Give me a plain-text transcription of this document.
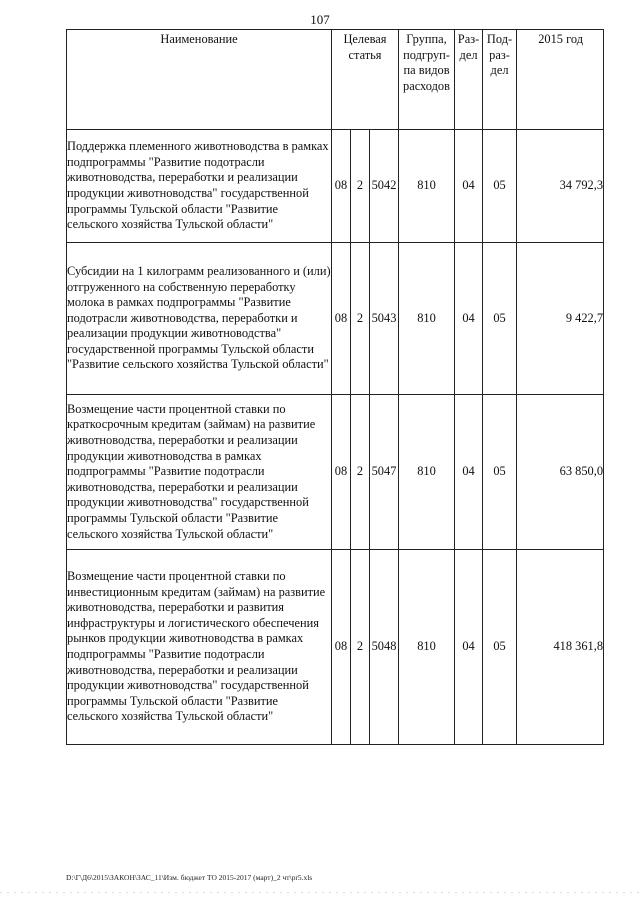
107
Наименование	Целевая статья			Группа, подгруп-па видов расходов	Раз-дел	Под-раз-дел	2015 год

Поддержка племенного животноводства в рамках подпрограммы "Развитие подотрасли животноводства, переработки и реализации продукции животноводства" государственной программы Тульской области "Развитие сельского хозяйства Тульской области"	08	2	5042	810	04	05	34 792,3
Субсидии на 1 килограмм реализованного и (или) отгруженного на собственную переработку молока в рамках подпрограммы "Развитие подотрасли животноводства, переработки и реализации продукции животноводства" государственной программы Тульской области "Развитие сельского хозяйства Тульской области"	08	2	5043	810	04	05	9 422,7
Возмещение части процентной ставки по краткосрочным кредитам (займам) на развитие животноводства, переработки и реализации продукции животноводства в рамках подпрограммы "Развитие подотрасли животноводства, переработки и реализации продукции животноводства" государственной программы Тульской области "Развитие сельского хозяйства Тульской области"	08	2	5047	810	04	05	63 850,0
Возмещение части процентной ставки по инвестиционным кредитам (займам) на развитие животноводства, переработки и развития инфраструктуры и логистического обеспечения рынков продукции животноводства в рамках подпрограммы "Развитие подотрасли животноводства, переработки и реализации продукции животноводства" государственной программы Тульской области "Развитие сельского хозяйства Тульской области"	08	2	5048	810	04	05	418 361,8
D:\Г\Д6\2015\ЗАКОН\ЗАС_11\Изм. бюджет ТО 2015-2017 (март)_2 чт\pr5.xls
